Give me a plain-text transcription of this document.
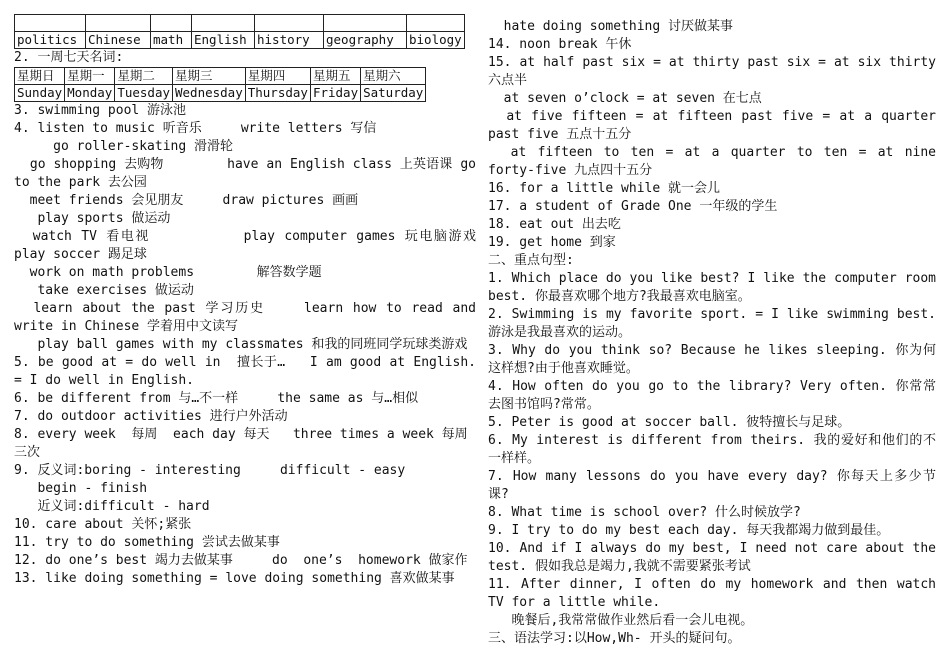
politics	Chinese	math	English	history	geography	biology
2. 一周七天名词:
星期日	星期一	星期二	星期三	星期四	星期五	星期六
Sunday	Monday	Tuesday	Wednesday	Thursday	Friday	Saturday
3. swimming pool 游泳池
4. listen to music 听音乐     write letters 写信
go roller-skating 滑滑轮
go shopping 去购物        have an English class 上英语课 go to the park 去公园
meet friends 会见朋友     draw pictures 画画
play sports 做运动
watch TV 看电视          play computer games 玩电脑游戏 play soccer 踢足球
work on math problems        解答数学题
take exercises 做运动
learn about the past 学习历史    learn how to read and write in Chinese 学着用中文读写
play ball games with my classmates 和我的同班同学玩球类游戏
5. be good at = do well in  擅长于…   I am good at English. = I do well in English.
6. be different from 与…不一样     the same as 与…相似
7. do outdoor activities 进行户外活动
8. every week  每周  each day 每天   three times a week 每周三次
9. 反义词:boring - interesting     difficult - easy
begin - finish
近义词:difficult - hard
10. care about 关怀;紧张
11. try to do something 尝试去做某事
12. do one’s best 竭力去做某事     do  one’s  homework 做家作
13. like doing something = love doing something 喜欢做某事
hate doing something 讨厌做某事
14. noon break 午休
15. at half past six = at thirty past six = at six thirty六点半
at seven o’clock = at seven 在七点
at five fifteen = at fifteen past five = at a quarter past five 五点十五分
at fifteen to ten = at a quarter to ten = at nine forty-five 九点四十五分
16. for a little while 就一会儿
17. a student of Grade One 一年级的学生
18. eat out 出去吃
19. get home 到家
二、重点句型:
1. Which place do you like best? I like the computer room best. 你最喜欢哪个地方?我最喜欢电脑室。
2. Swimming is my favorite sport. = I like swimming best. 游泳是我最喜欢的运动。
3. Why do you think so? Because he likes sleeping. 你为何这样想?由于他喜欢睡觉。
4. How often do you go to the library? Very often. 你常常去图书馆吗?常常。
5. Peter is good at soccer ball. 彼特擅长与足球。
6. My interest is different from theirs. 我的爱好和他们的不一样样。
7. How many lessons do you have every day? 你每天上多少节课?
8. What time is school over? 什么时候放学?
9. I try to do my best each day. 每天我都竭力做到最佳。
10. And if I always do my best, I need not care about the test. 假如我总是竭力,我就不需要紧张考试
11. After dinner, I often do my homework and then watch TV for a little while.
晚餐后,我常常做作业然后看一会儿电视。
三、语法学习:以How,Wh- 开头的疑问句。
